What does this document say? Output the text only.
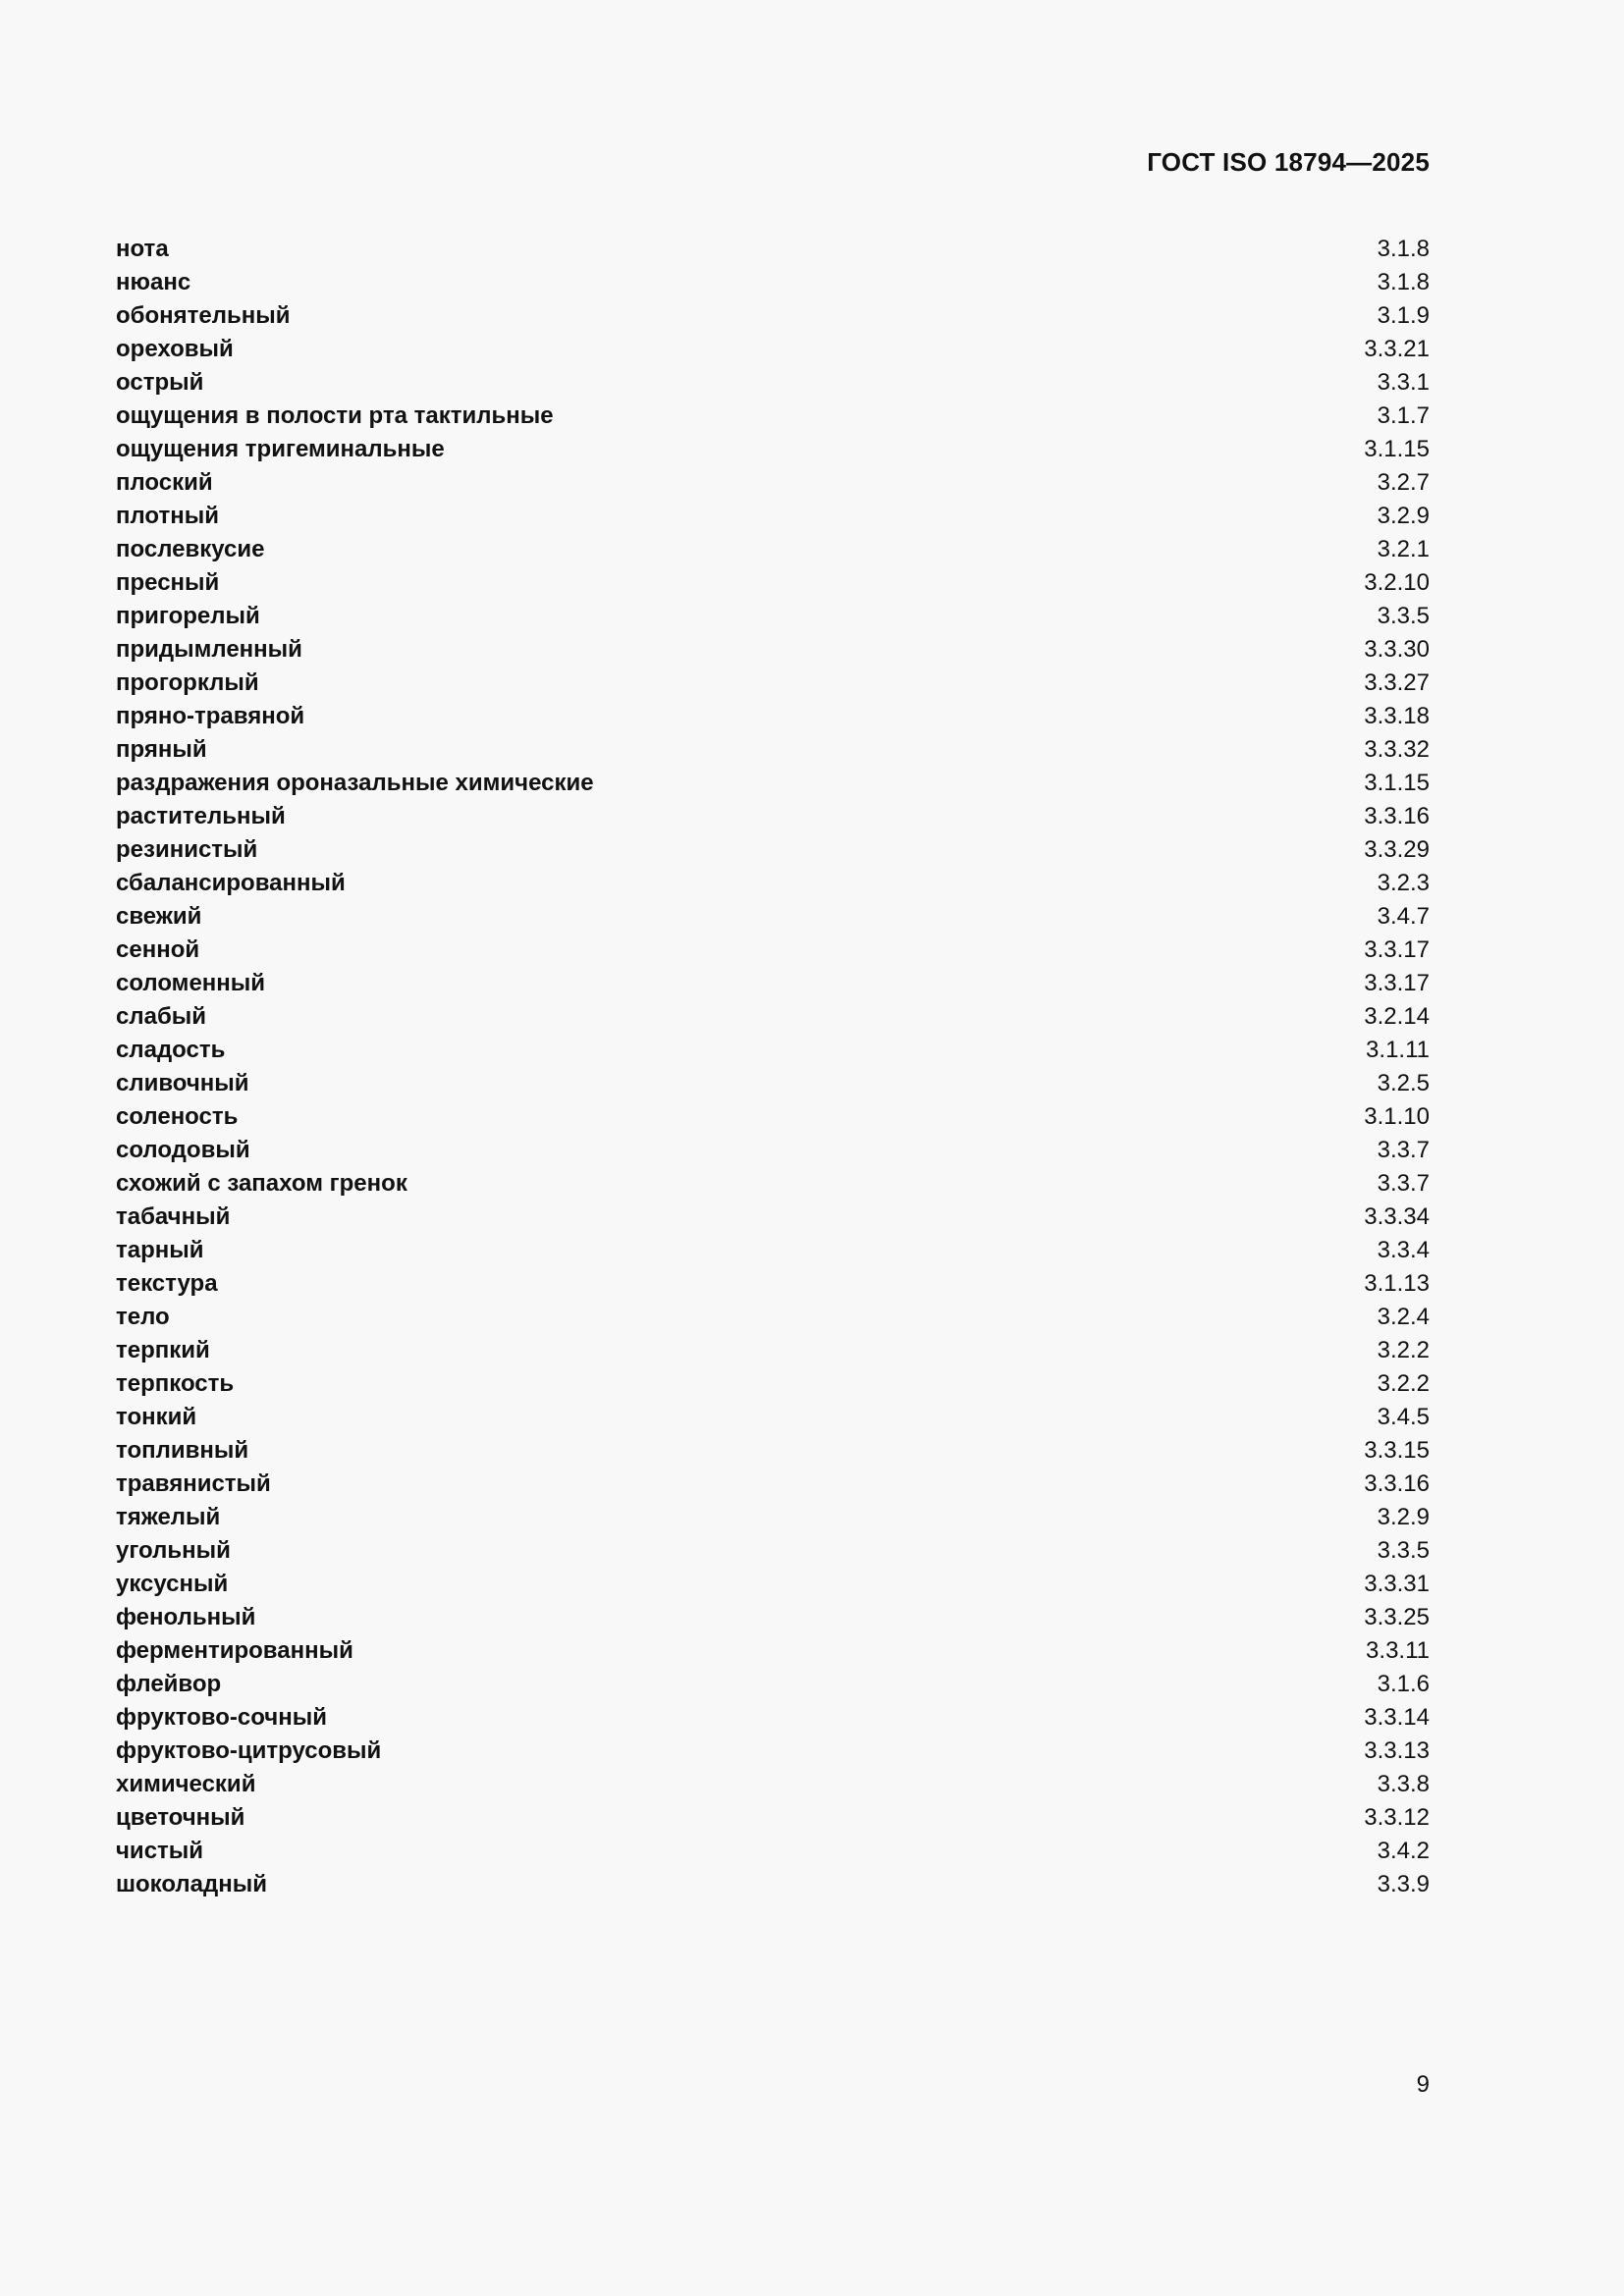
ГОСТ ISO 18794—2025
нота	3.1.8
нюанс	3.1.8
обонятельный	3.1.9
ореховый	3.3.21
острый	3.3.1
ощущения в полости рта тактильные	3.1.7
ощущения тригеминальные	3.1.15
плоский	3.2.7
плотный	3.2.9
послевкусие	3.2.1
пресный	3.2.10
пригорелый	3.3.5
придымленный	3.3.30
прогорклый	3.3.27
пряно-травяной	3.3.18
пряный	3.3.32
раздражения ороназальные химические	3.1.15
растительный	3.3.16
резинистый	3.3.29
сбалансированный	3.2.3
свежий	3.4.7
сенной	3.3.17
соломенный	3.3.17
слабый	3.2.14
сладость	3.1.11
сливочный	3.2.5
соленость	3.1.10
солодовый	3.3.7
схожий с запахом гренок	3.3.7
табачный	3.3.34
тарный	3.3.4
текстура	3.1.13
тело	3.2.4
терпкий	3.2.2
терпкость	3.2.2
тонкий	3.4.5
топливный	3.3.15
травянистый	3.3.16
тяжелый	3.2.9
угольный	3.3.5
уксусный	3.3.31
фенольный	3.3.25
ферментированный	3.3.11
флейвор	3.1.6
фруктово-сочный	3.3.14
фруктово-цитрусовый	3.3.13
химический	3.3.8
цветочный	3.3.12
чистый	3.4.2
шоколадный	3.3.9
9
